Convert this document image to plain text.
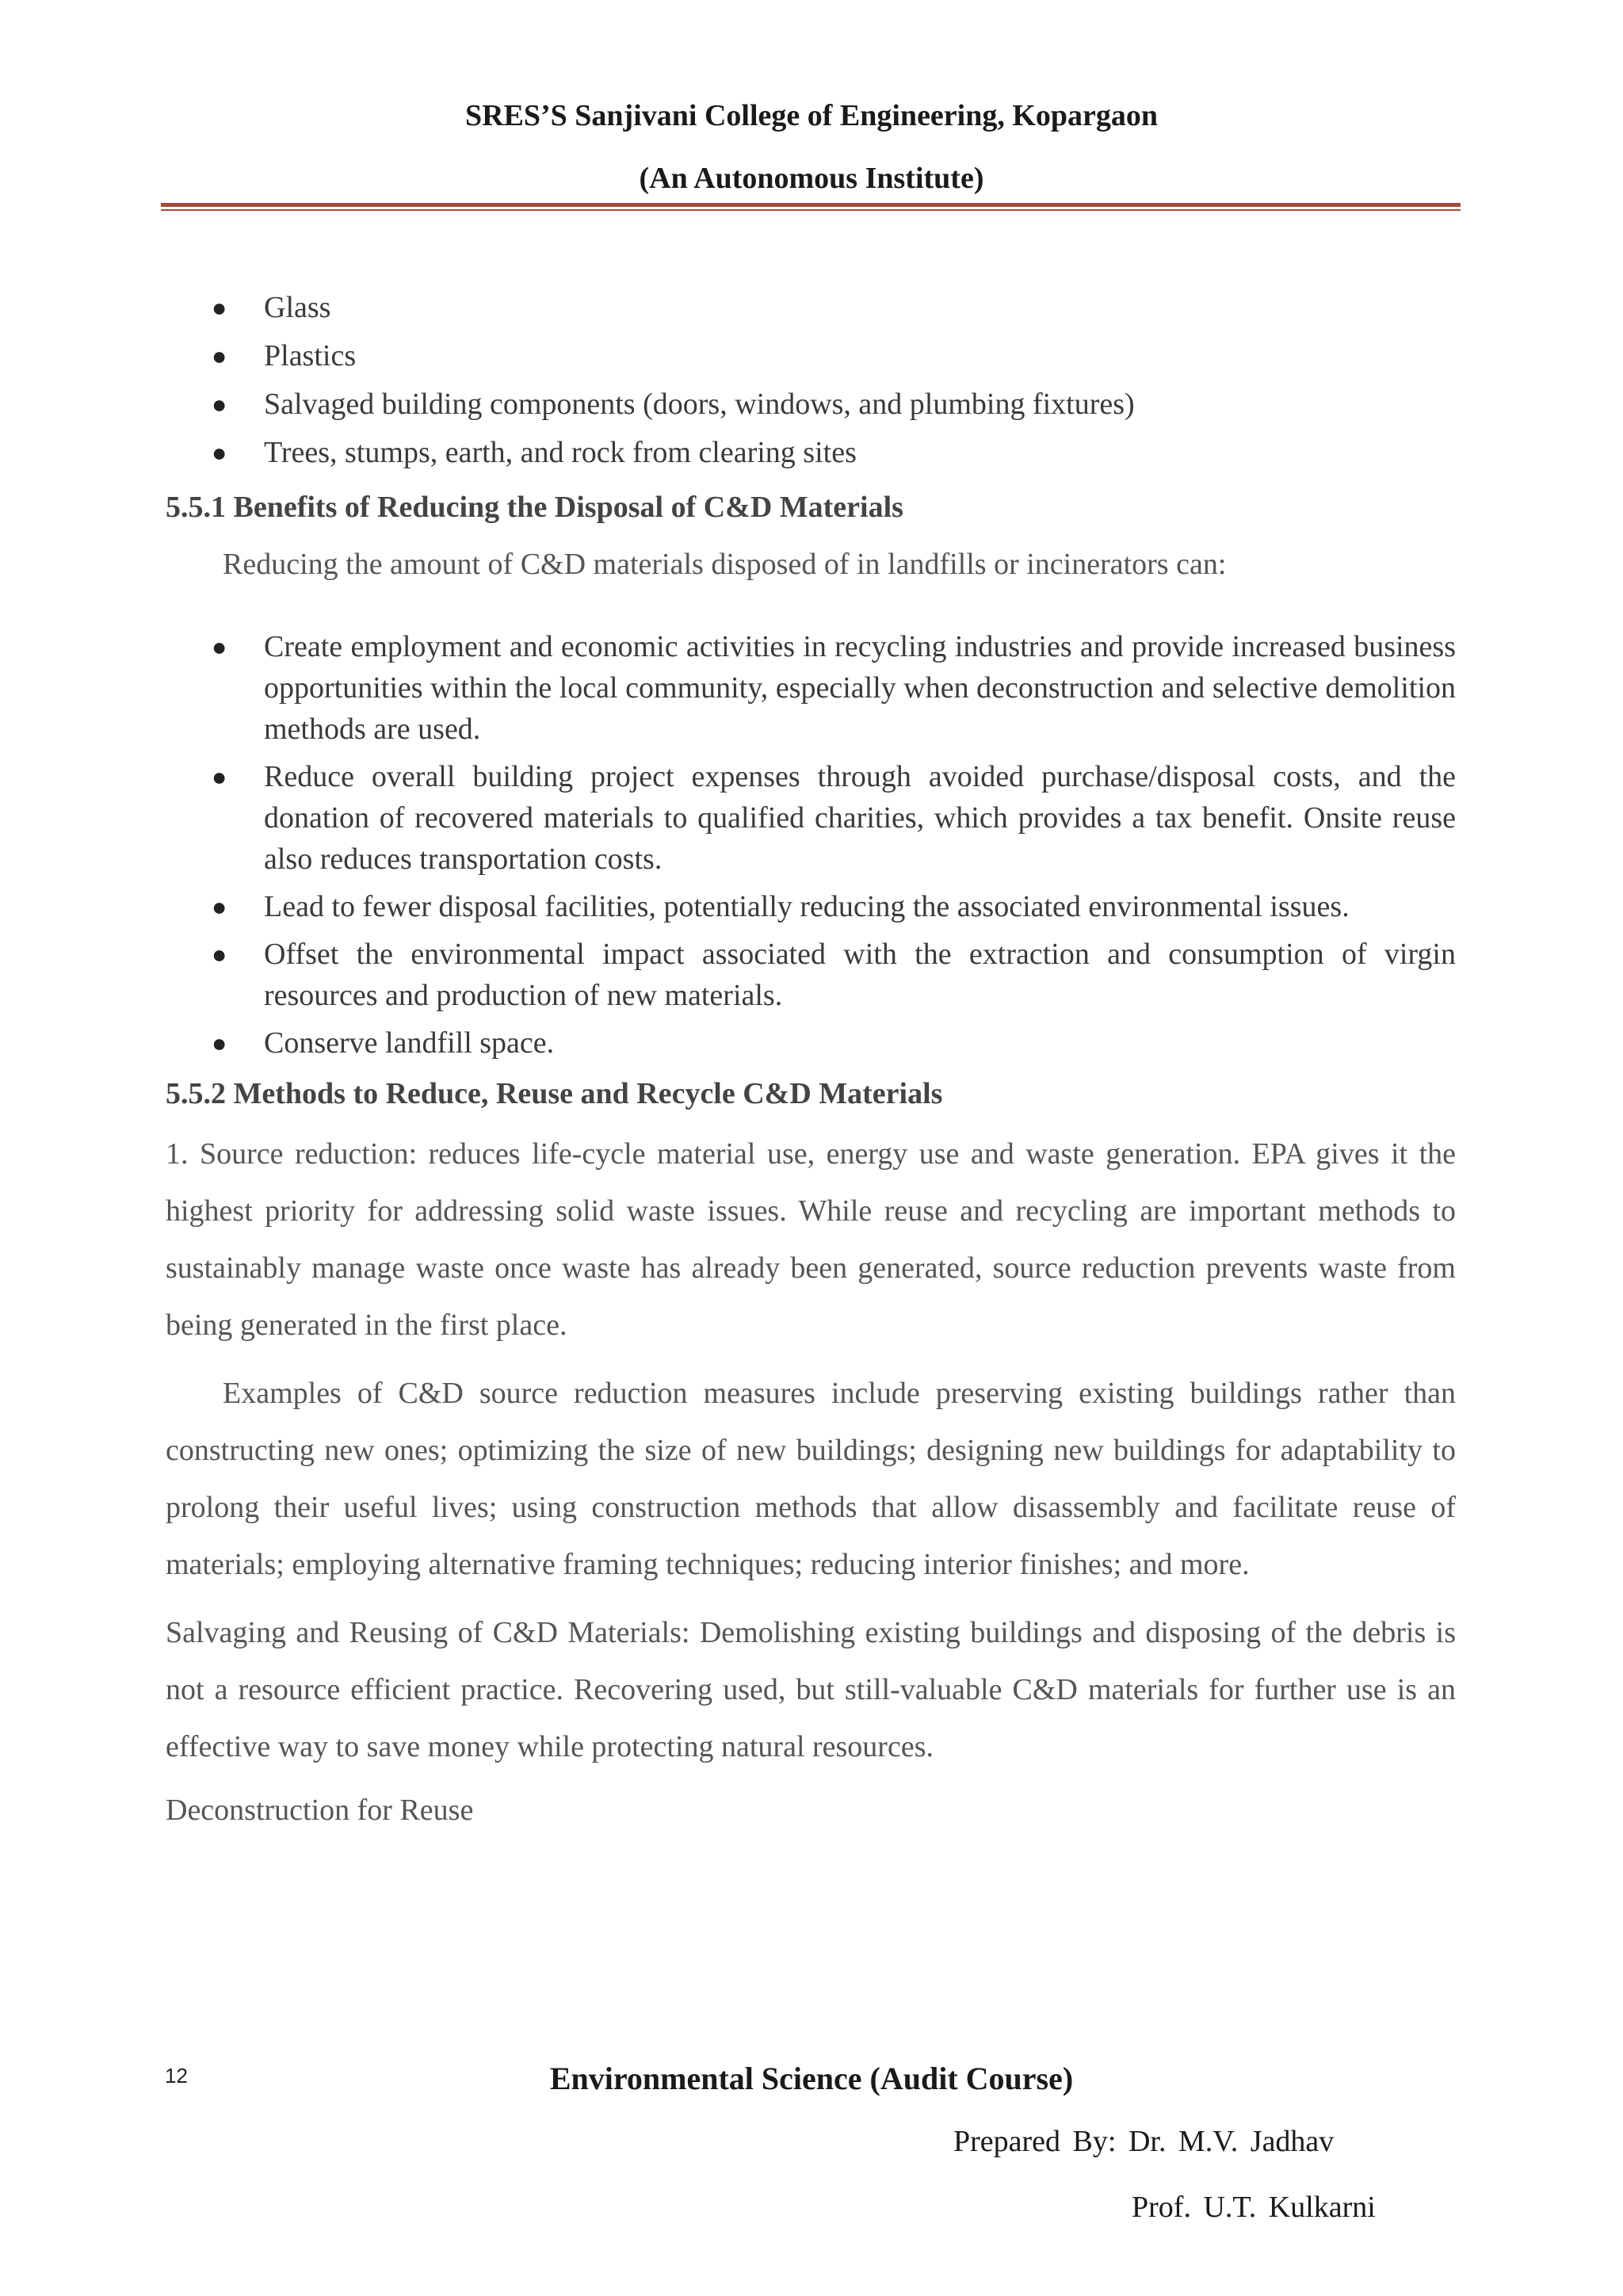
SRES’S Sanjivani College of Engineering, Kopargaon
(An Autonomous Institute)
● Glass
● Plastics
● Salvaged building components (doors, windows, and plumbing fixtures)
● Trees, stumps, earth, and rock from clearing sites
5.5.1 Benefits of Reducing the Disposal of C&D Materials

Reducing the amount of C&D materials disposed of in landfills or incinerators can:

● Create employment and economic activities in recycling industries and provide increased business opportunities within the local community, especially when deconstruction and selective demolition methods are used.
● Reduce overall building project expenses through avoided purchase/disposal costs, and the donation of recovered materials to qualified charities, which provides a tax benefit. Onsite reuse also reduces transportation costs.
● Lead to fewer disposal facilities, potentially reducing the associated environmental issues.
● Offset the environmental impact associated with the extraction and consumption of virgin resources and production of new materials.
● Conserve landfill space.
5.5.2 Methods to Reduce, Reuse and Recycle C&D Materials

1. Source reduction: reduces life-cycle material use, energy use and waste generation. EPA gives it the highest priority for addressing solid waste issues. While reuse and recycling are important methods to sustainably manage waste once waste has already been generated, source reduction prevents waste from being generated in the first place.

Examples of C&D source reduction measures include preserving existing buildings rather than constructing new ones; optimizing the size of new buildings; designing new buildings for adaptability to prolong their useful lives; using construction methods that allow disassembly and facilitate reuse of materials; employing alternative framing techniques; reducing interior finishes; and more.

Salvaging and Reusing of C&D Materials: Demolishing existing buildings and disposing of the debris is not a resource efficient practice. Recovering used, but still-valuable C&D materials for further use is an effective way to save money while protecting natural resources.

Deconstruction for Reuse

12	Environmental Science (Audit Course)
Prepared By: Dr. M.V. Jadhav
Prof. U.T. Kulkarni
